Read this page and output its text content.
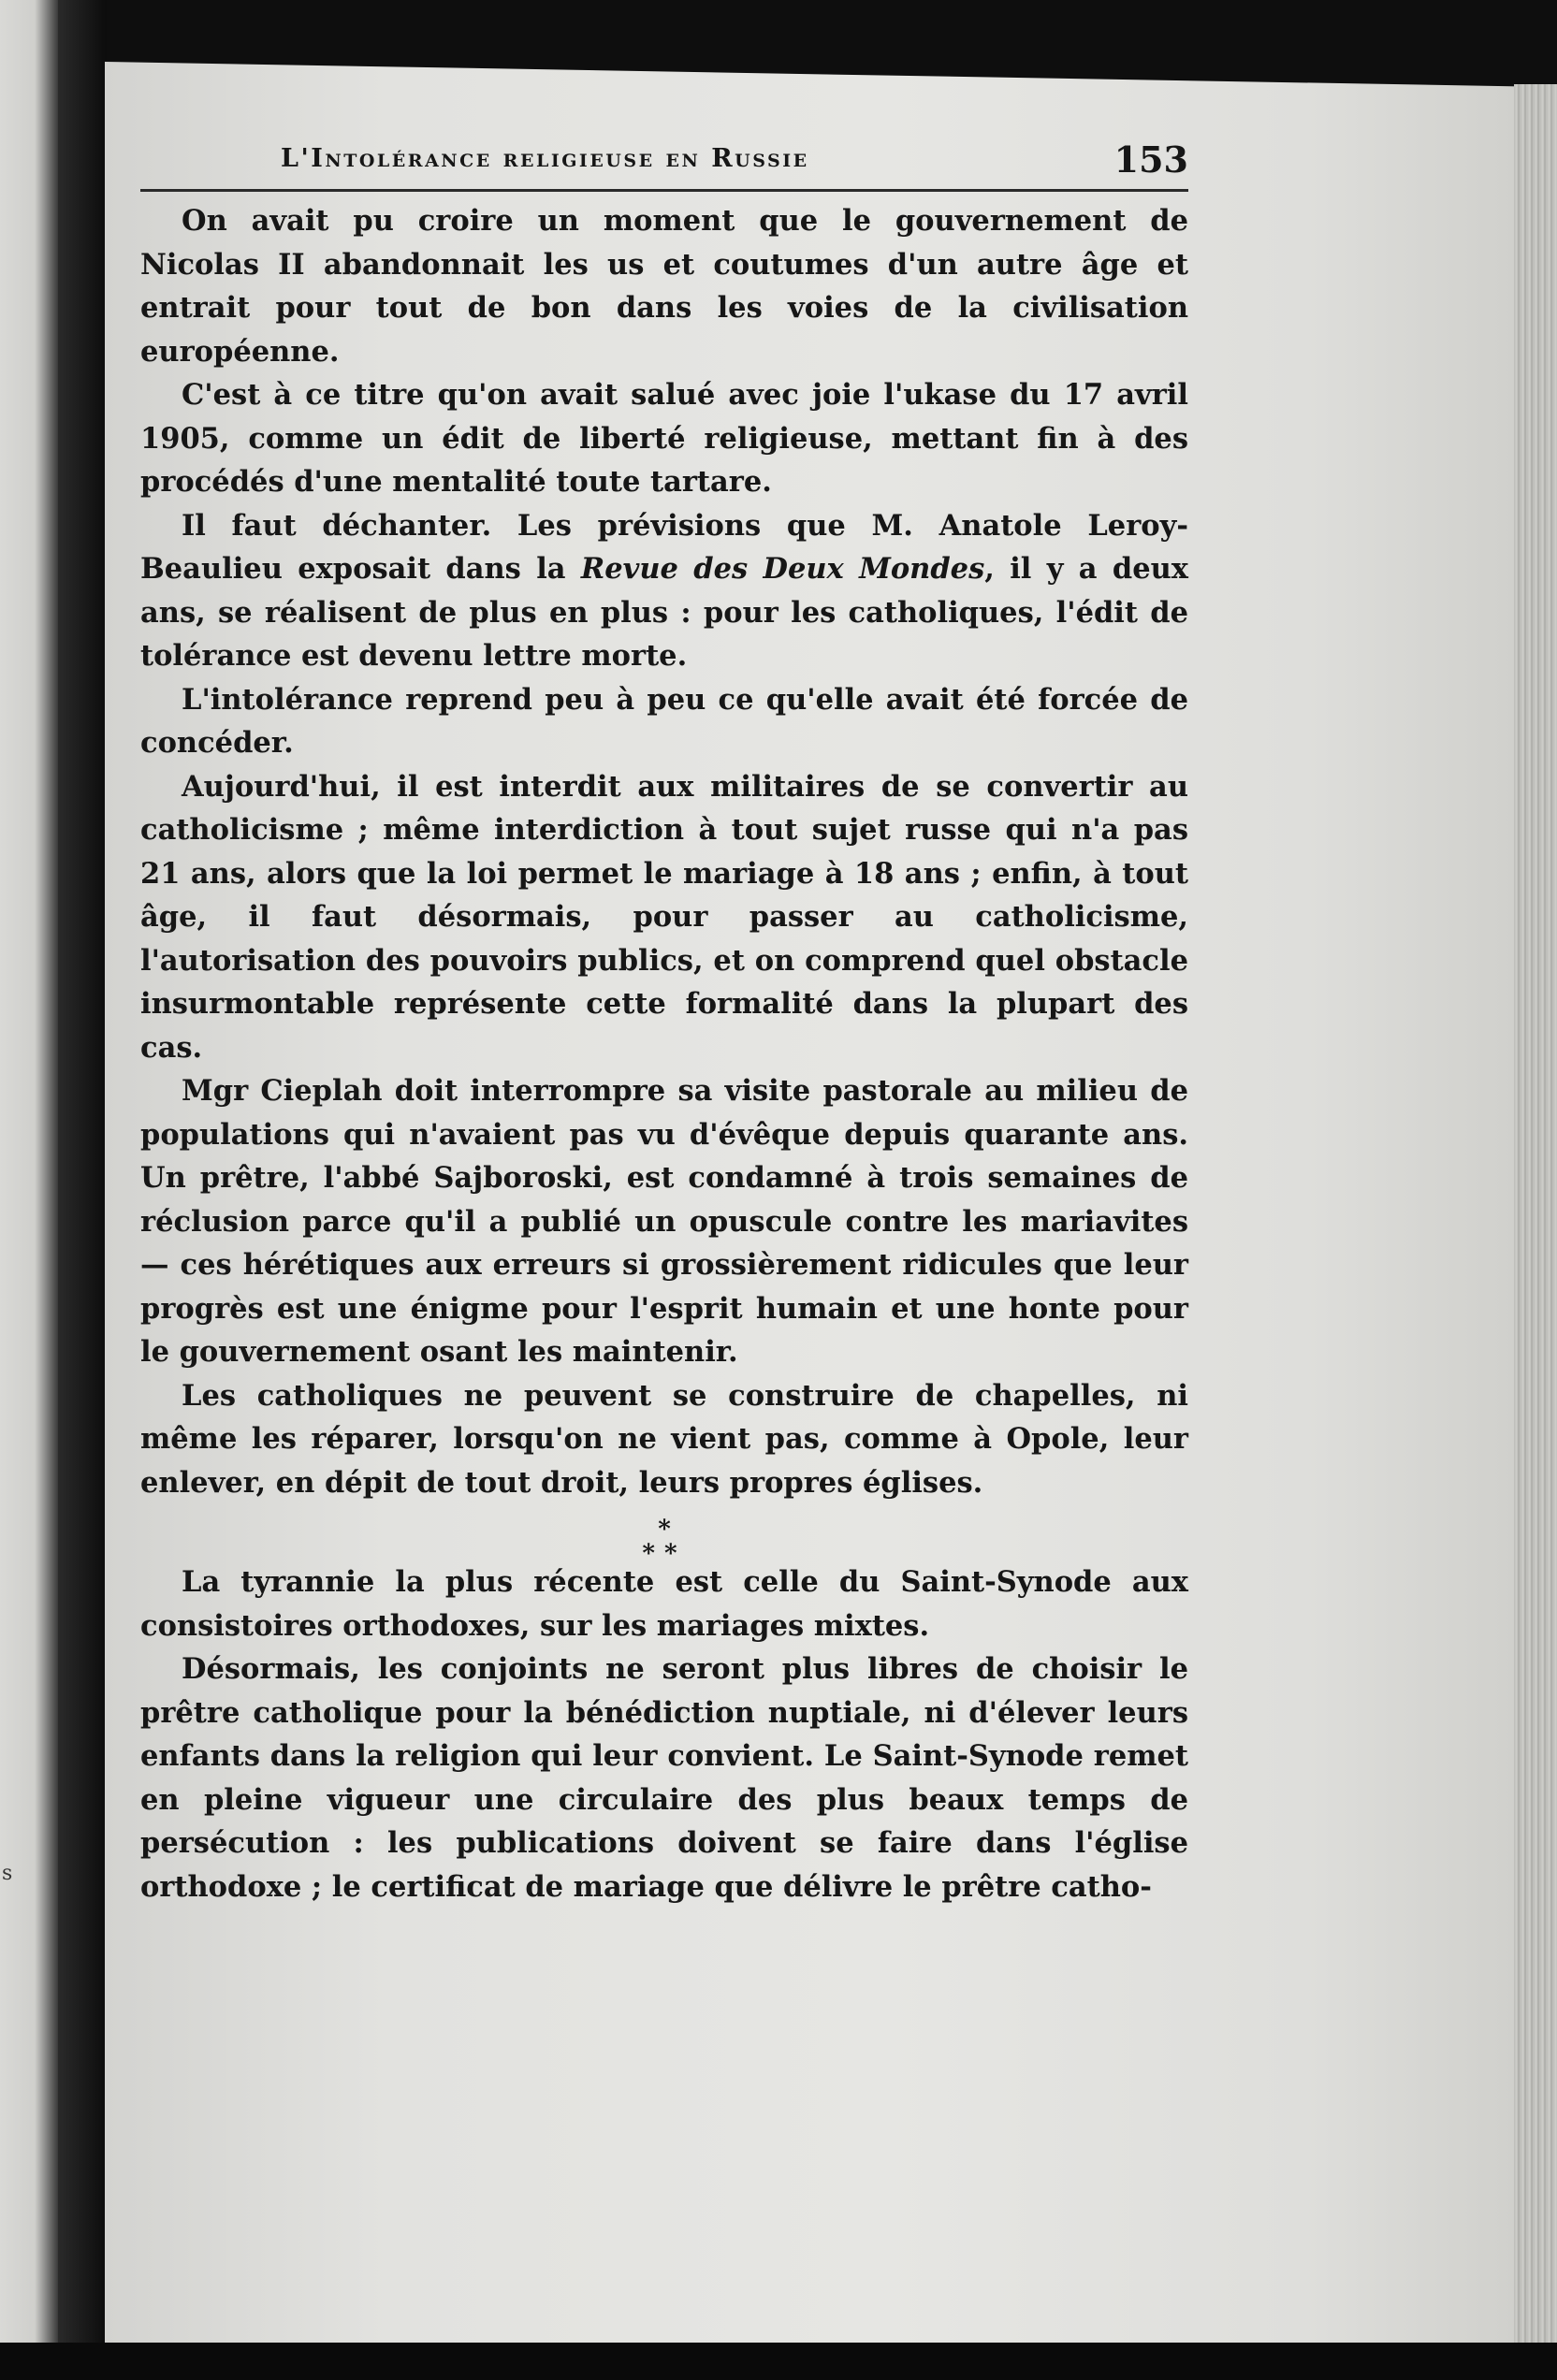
s
L'Intolérance religieuse en Russie	153

On avait pu croire un moment que le gouvernement de Nicolas II abandonnait les us et coutumes d'un autre âge et entrait pour tout de bon dans les voies de la civilisation européenne.

C'est à ce titre qu'on avait salué avec joie l'ukase du 17 avril 1905, comme un édit de liberté religieuse, mettant fin à des procédés d'une mentalité toute tartare.

Il faut déchanter. Les prévisions que M. Anatole Leroy-Beaulieu exposait dans la Revue des Deux Mondes, il y a deux ans, se réalisent de plus en plus : pour les catholiques, l'édit de tolérance est devenu lettre morte.

L'intolérance reprend peu à peu ce qu'elle avait été forcée de concéder.

Aujourd'hui, il est interdit aux militaires de se convertir au catholicisme ; même interdiction à tout sujet russe qui n'a pas 21 ans, alors que la loi permet le mariage à 18 ans ; enfin, à tout âge, il faut désormais, pour passer au catholicisme, l'autorisation des pouvoirs publics, et on comprend quel obstacle insurmontable représente cette formalité dans la plupart des cas.

Mgr Cieplah doit interrompre sa visite pastorale au milieu de populations qui n'avaient pas vu d'évêque depuis quarante ans. Un prêtre, l'abbé Sajboroski, est condamné à trois semaines de réclusion parce qu'il a publié un opuscule contre les mariavites — ces hérétiques aux erreurs si grossièrement ridicules que leur progrès est une énigme pour l'esprit humain et une honte pour le gouvernement osant les maintenir.

Les catholiques ne peuvent se construire de chapelles, ni même les réparer, lorsqu'on ne vient pas, comme à Opole, leur enlever, en dépit de tout droit, leurs propres églises.

*
**

La tyrannie la plus récente est celle du Saint-Synode aux consistoires orthodoxes, sur les mariages mixtes.

Désormais, les conjoints ne seront plus libres de choisir le prêtre catholique pour la bénédiction nuptiale, ni d'élever leurs enfants dans la religion qui leur convient. Le Saint-Synode remet en pleine vigueur une circulaire des plus beaux temps de persécution : les publications doivent se faire dans l'église orthodoxe ; le certificat de mariage que délivre le prêtre catho-
